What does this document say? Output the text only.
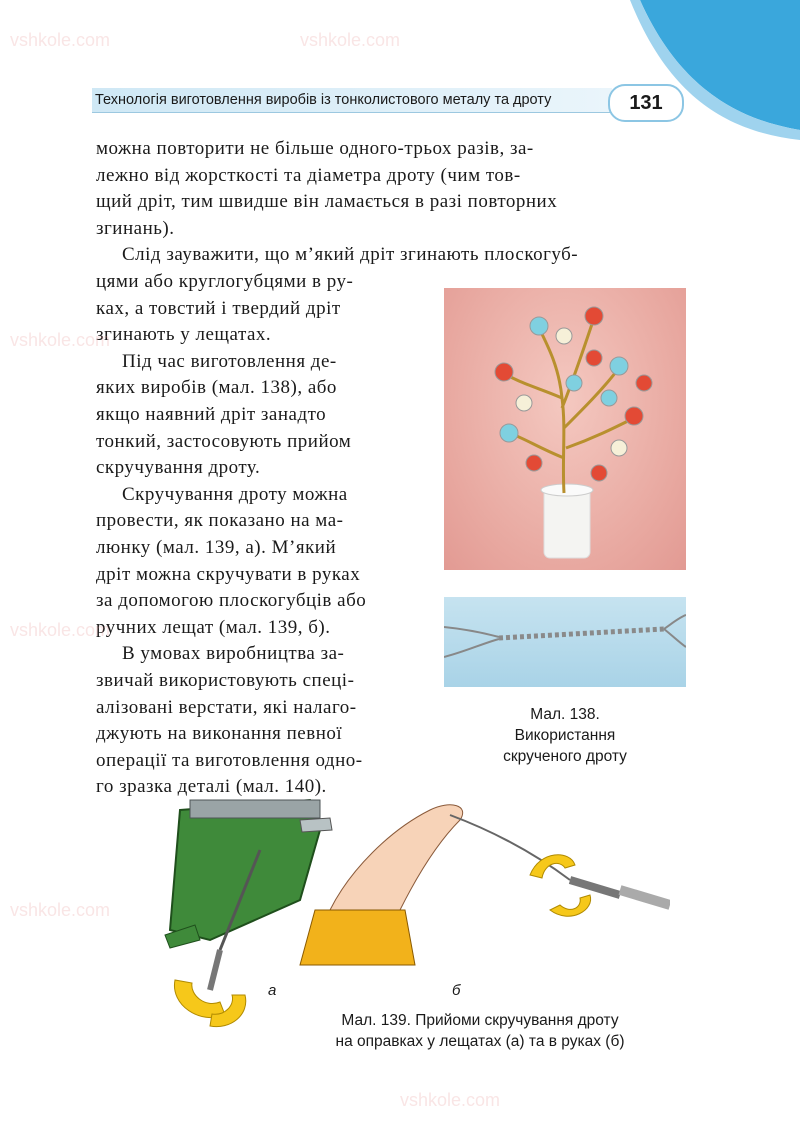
Технологія виготовлення виробів із тонколистового металу та дроту	131
можна повторити не більше одного-трьох разів, за-
лежно від жорсткості та діаметра дроту (чим тов-
щий дріт, тим швидше він ламається в разі повторних
згинань).
Слід зауважити, що м’який дріт згинають плоскогуб-
цями або круглогубцями в ру-
ках, а товстий і твердий дріт
згинають у лещатах.
Під час виготовлення де-
яких виробів (мал. 138), або
якщо наявний дріт занадто
тонкий, застосовують прийом
скручування дроту.
Скручування дроту можна
провести, як показано на ма-
люнку (мал. 139, а). М’який
дріт можна скручувати в руках
за допомогою плоскогубців або
ручних лещат (мал. 139, б).
В умовах виробництва за-
звичай використовують спеці-
алізовані верстати, які налаго-
джують на виконання певної
операції та виготовлення одно-
го зразка деталі (мал. 140).
Мал. 138.
Використання
скрученого дроту
а	б
Мал. 139. Прийоми скручування дроту
на оправках у лещатах (а) та в руках (б)
vshkole.com	vshkole.com
vshkole.com
vshkole.com
vshkole.com
vshkole.com
